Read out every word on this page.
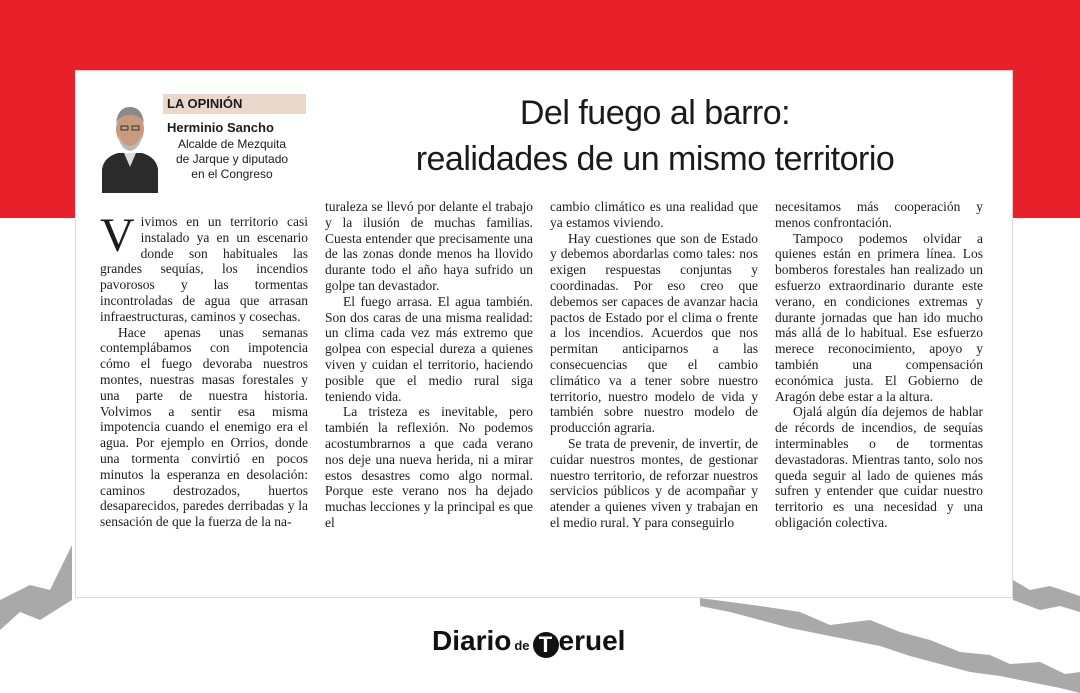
LA OPINIÓN
Herminio Sancho
Alcalde de Mezquita
de Jarque y diputado
en el Congreso
Del fuego al barro:
realidades de un mismo territorio

Vivimos en un territorio casi instalado ya en un escenario donde son habituales las grandes sequías, los incendios pavorosos y las tormentas incontroladas de agua que arrasan infraestructuras, caminos y cosechas.

Hace apenas unas semanas contemplábamos con impotencia cómo el fuego devoraba nuestros montes, nuestras masas forestales y una parte de nuestra historia. Volvimos a sentir esa misma impotencia cuando el enemigo era el agua. Por ejemplo en Orrios, donde una tormenta convirtió en pocos minutos la esperanza en desolación: caminos destrozados, huertos desaparecidos, paredes derribadas y la sensación de que la fuerza de la na-

turaleza se llevó por delante el trabajo y la ilusión de muchas familias. Cuesta entender que precisamente una de las zonas donde menos ha llovido durante todo el año haya sufrido un golpe tan devastador.

El fuego arrasa. El agua también. Son dos caras de una misma realidad: un clima cada vez más extremo que golpea con especial dureza a quienes viven y cuidan el territorio, haciendo posible que el medio rural siga teniendo vida.

La tristeza es inevitable, pero también la reflexión. No podemos acostumbrarnos a que cada verano nos deje una nueva herida, ni a mirar estos desastres como algo normal. Porque este verano nos ha dejado muchas lecciones y la principal es que el

cambio climático es una realidad que ya estamos viviendo.

Hay cuestiones que son de Estado y debemos abordarlas como tales: nos exigen respuestas conjuntas y coordinadas. Por eso creo que debemos ser capaces de avanzar hacia pactos de Estado por el clima o frente a los incendios. Acuerdos que nos permitan anticiparnos a las consecuencias que el cambio climático va a tener sobre nuestro territorio, nuestro modelo de vida y también sobre nuestro modelo de producción agraria.

Se trata de prevenir, de invertir, de cuidar nuestros montes, de gestionar nuestro territorio, de reforzar nuestros servicios públicos y de acompañar y atender a quienes viven y trabajan en el medio rural. Y para conseguirlo

necesitamos más cooperación y menos confrontación.

Tampoco podemos olvidar a quienes están en primera línea. Los bomberos forestales han realizado un esfuerzo extraordinario durante este verano, en condiciones extremas y durante jornadas que han ido mucho más allá de lo habitual. Ese esfuerzo merece reconocimiento, apoyo y también una compensación económica justa. El Gobierno de Aragón debe estar a la altura.

Ojalá algún día dejemos de hablar de récords de incendios, de sequías interminables o de tormentas devastadoras. Mientras tanto, solo nos queda seguir al lado de quienes más sufren y entender que cuidar nuestro territorio es una necesidad y una obligación colectiva.

Diario de T eruel
